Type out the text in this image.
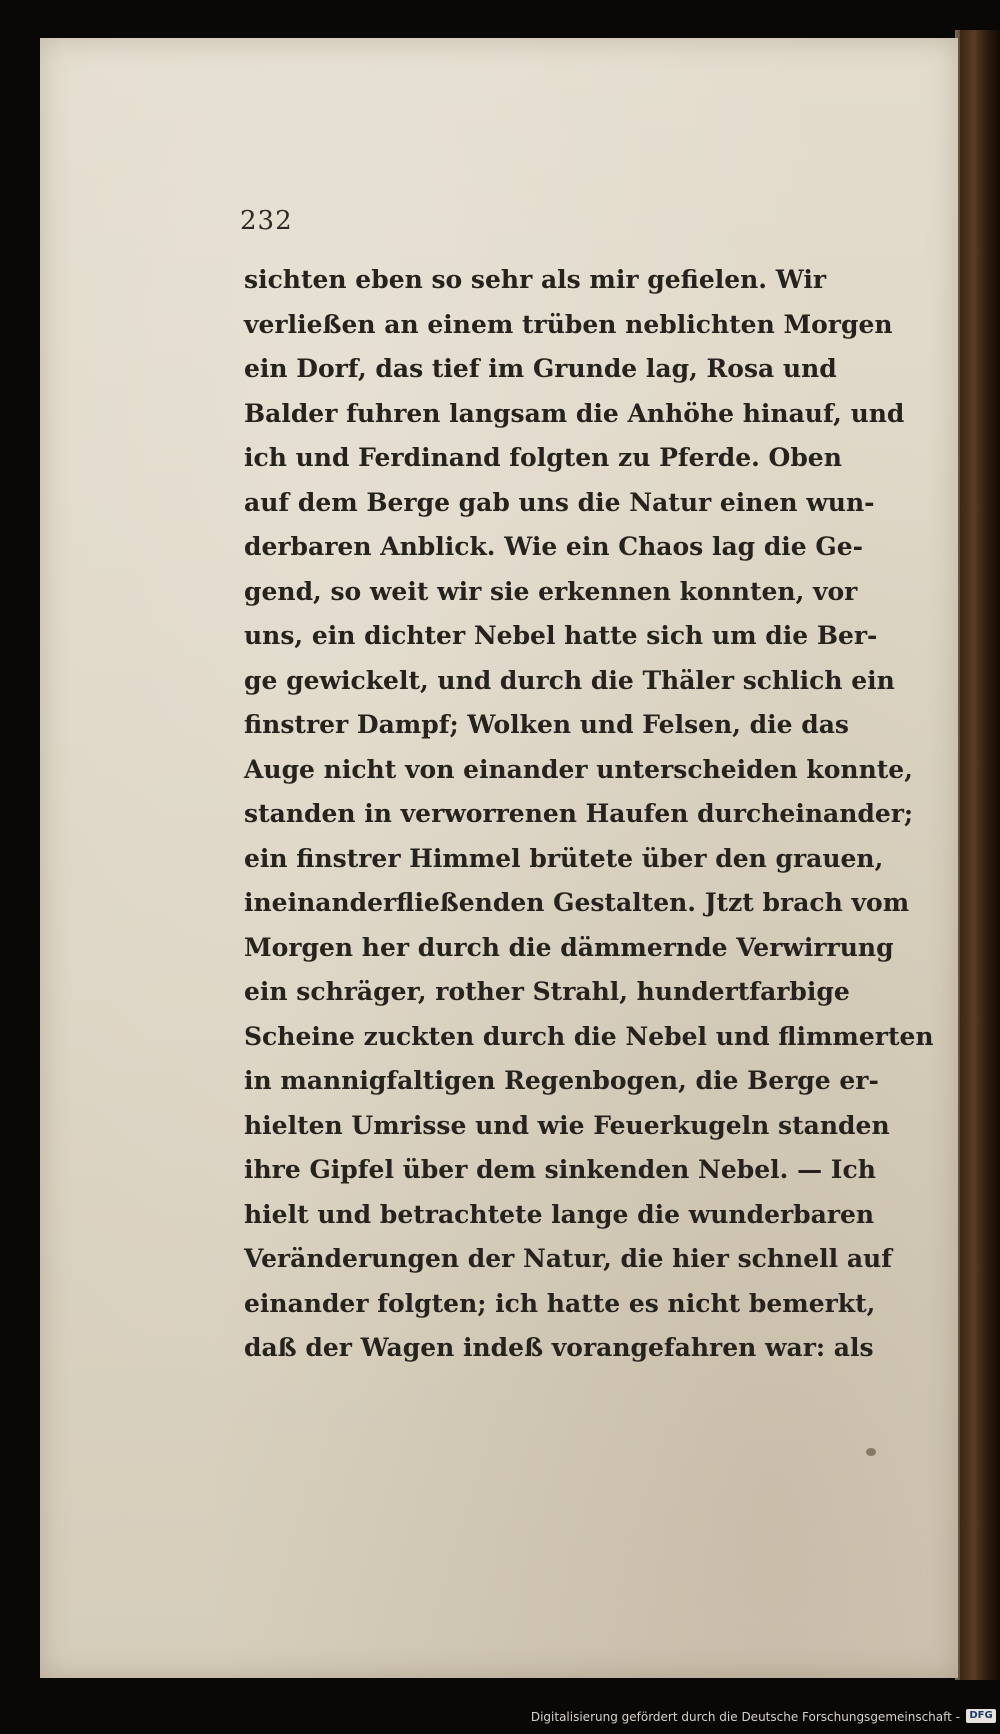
232
sichten eben so sehr als mir gefielen. Wir
verließen an einem trüben neblichten Morgen
ein Dorf, das tief im Grunde lag, Rosa und
Balder fuhren langsam die Anhöhe hinauf, und
ich und Ferdinand folgten zu Pferde. Oben
auf dem Berge gab uns die Natur einen wun-
derbaren Anblick. Wie ein Chaos lag die Ge-
gend, so weit wir sie erkennen konnten, vor
uns, ein dichter Nebel hatte sich um die Ber-
ge gewickelt, und durch die Thäler schlich ein
finstrer Dampf; Wolken und Felsen, die das
Auge nicht von einander unterscheiden konnte,
standen in verworrenen Haufen durcheinander;
ein finstrer Himmel brütete über den grauen,
ineinanderfließenden Gestalten. Jtzt brach vom
Morgen her durch die dämmernde Verwirrung
ein schräger, rother Strahl, hundertfarbige
Scheine zuckten durch die Nebel und flimmerten
in mannigfaltigen Regenbogen, die Berge er-
hielten Umrisse und wie Feuerkugeln standen
ihre Gipfel über dem sinkenden Nebel. — Ich
hielt und betrachtete lange die wunderbaren
Veränderungen der Natur, die hier schnell auf
einander folgten; ich hatte es nicht bemerkt,
daß der Wagen indeß vorangefahren war: als
Digitalisierung gefördert durch die Deutsche Forschungsgemeinschaft - DFG
